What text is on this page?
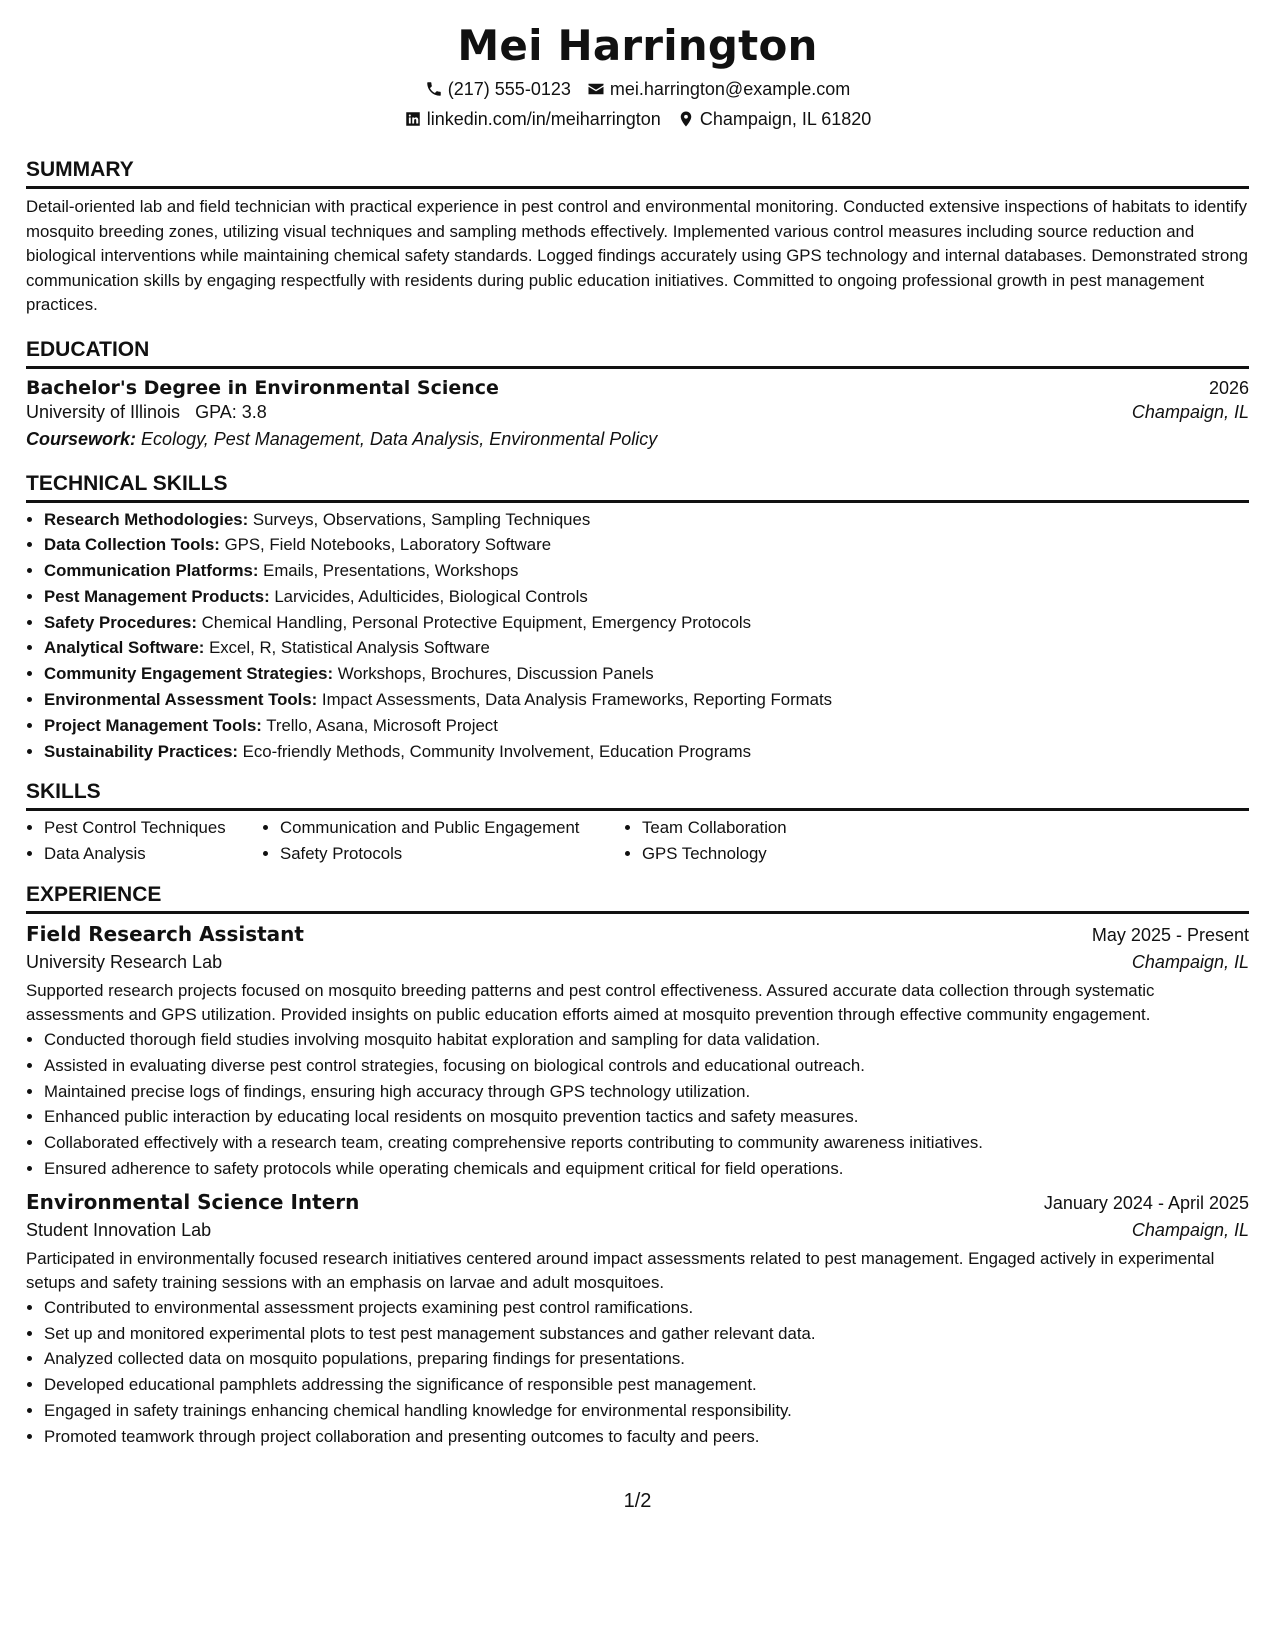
Mei Harrington
(217) 555-0123 mei.harrington@example.com
linkedin.com/in/meiharrington Champaign, IL 61820
SUMMARY

Detail-oriented lab and field technician with practical experience in pest control and environmental monitoring. Conducted extensive inspections of habitats to identify mosquito breeding zones, utilizing visual techniques and sampling methods effectively. Implemented various control measures including source reduction and biological interventions while maintaining chemical safety standards. Logged findings accurately using GPS technology and internal databases. Demonstrated strong communication skills by engaging respectfully with residents during public education initiatives. Committed to ongoing professional growth in pest management practices.

EDUCATION
Bachelor's Degree in Environmental Science	2026
University of Illinois GPA: 3.8	Champaign, IL
Coursework: Ecology, Pest Management, Data Analysis, Environmental Policy
TECHNICAL SKILLS
• Research Methodologies: Surveys, Observations, Sampling Techniques
• Data Collection Tools: GPS, Field Notebooks, Laboratory Software
• Communication Platforms: Emails, Presentations, Workshops
• Pest Management Products: Larvicides, Adulticides, Biological Controls
• Safety Procedures: Chemical Handling, Personal Protective Equipment, Emergency Protocols
• Analytical Software: Excel, R, Statistical Analysis Software
• Community Engagement Strategies: Workshops, Brochures, Discussion Panels
• Environmental Assessment Tools: Impact Assessments, Data Analysis Frameworks, Reporting Formats
• Project Management Tools: Trello, Asana, Microsoft Project
• Sustainability Practices: Eco-friendly Methods, Community Involvement, Education Programs
SKILLS
• Pest Control Techniques
• Data Analysis
• Communication and Public Engagement
• Safety Protocols
• Team Collaboration
• GPS Technology
EXPERIENCE
Field Research Assistant	May 2025 - Present
University Research Lab	Champaign, IL

Supported research projects focused on mosquito breeding patterns and pest control effectiveness. Assured accurate data collection through systematic assessments and GPS utilization. Provided insights on public education efforts aimed at mosquito prevention through effective community engagement.

• Conducted thorough field studies involving mosquito habitat exploration and sampling for data validation.
• Assisted in evaluating diverse pest control strategies, focusing on biological controls and educational outreach.
• Maintained precise logs of findings, ensuring high accuracy through GPS technology utilization.
• Enhanced public interaction by educating local residents on mosquito prevention tactics and safety measures.
• Collaborated effectively with a research team, creating comprehensive reports contributing to community awareness initiatives.
• Ensured adherence to safety protocols while operating chemicals and equipment critical for field operations.
Environmental Science Intern	January 2024 - April 2025
Student Innovation Lab	Champaign, IL

Participated in environmentally focused research initiatives centered around impact assessments related to pest management. Engaged actively in experimental setups and safety training sessions with an emphasis on larvae and adult mosquitoes.

• Contributed to environmental assessment projects examining pest control ramifications.
• Set up and monitored experimental plots to test pest management substances and gather relevant data.
• Analyzed collected data on mosquito populations, preparing findings for presentations.
• Developed educational pamphlets addressing the significance of responsible pest management.
• Engaged in safety trainings enhancing chemical handling knowledge for environmental responsibility.
• Promoted teamwork through project collaboration and presenting outcomes to faculty and peers.
1/2
